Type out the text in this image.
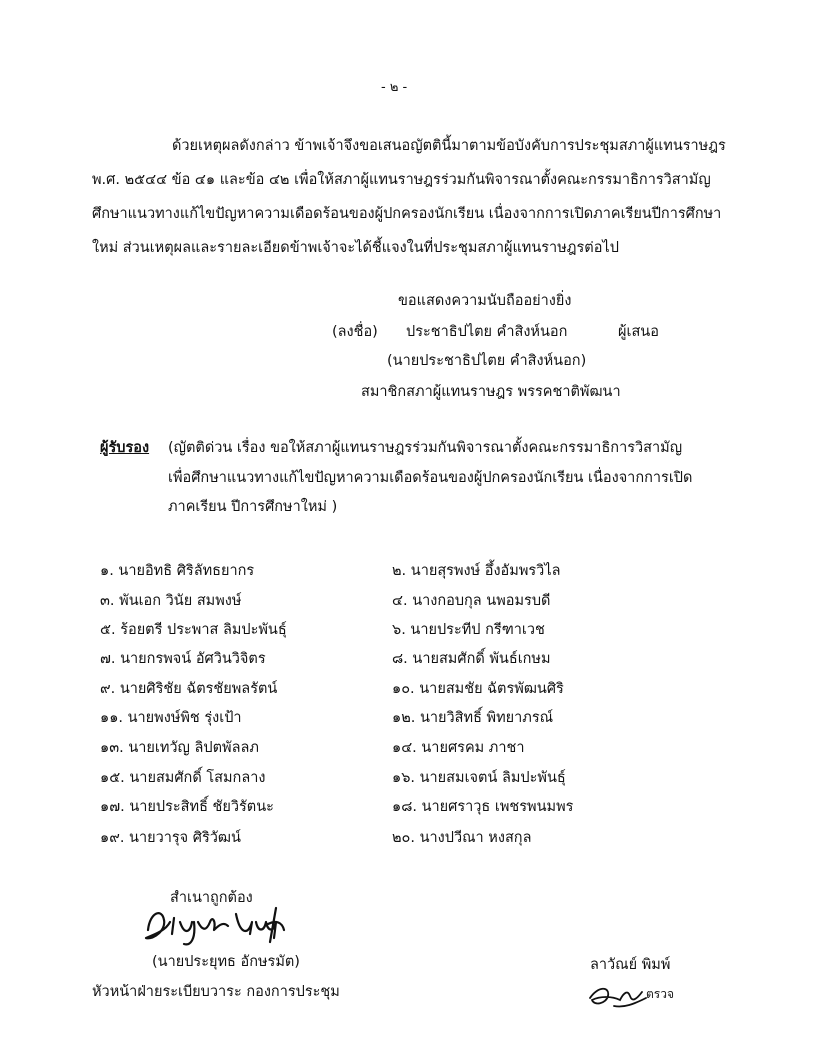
- ๒ -
ด้วยเหตุผลดังกล่าว ข้าพเจ้าจึงขอเสนอญัตตินี้มาตามข้อบังคับการประชุมสภาผู้แทนราษฎร
พ.ศ. ๒๕๔๔ ข้อ ๔๑ และข้อ ๔๒ เพื่อให้สภาผู้แทนราษฎรร่วมกันพิจารณาตั้งคณะกรรมาธิการวิสามัญ
ศึกษาแนวทางแก้ไขปัญหาความเดือดร้อนของผู้ปกครองนักเรียน เนื่องจากการเปิดภาคเรียนปีการศึกษา
ใหม่ ส่วนเหตุผลและรายละเอียดข้าพเจ้าจะได้ชี้แจงในที่ประชุมสภาผู้แทนราษฎรต่อไป
ขอแสดงความนับถืออย่างยิ่ง
(ลงชื่อ) ประชาธิปไตย คำสิงห์นอก	ผู้เสนอ
(นายประชาธิปไตย คำสิงห์นอก)
สมาชิกสภาผู้แทนราษฎร พรรคชาติพัฒนา
ผู้รับรอง (ญัตติด่วน เรื่อง ขอให้สภาผู้แทนราษฎรร่วมกันพิจารณาตั้งคณะกรรมาธิการวิสามัญ
เพื่อศึกษาแนวทางแก้ไขปัญหาความเดือดร้อนของผู้ปกครองนักเรียน เนื่องจากการเปิด
ภาคเรียน ปีการศึกษาใหม่ )
๑. นายอิทธิ ศิริลัทธยากร	๒. นายสุรพงษ์ อึ้งอัมพรวิไล
๓. พันเอก วินัย สมพงษ์	๔. นางกอบกุล นพอมรบดี
๕. ร้อยตรี ประพาส ลิมปะพันธุ์	๖. นายประทีป กรีฑาเวช
๗. นายกรพจน์ อัศวินวิจิตร	๘. นายสมศักดิ์ พันธ์เกษม
๙. นายศิริชัย ฉัตรชัยพลรัตน์	๑๐. นายสมชัย ฉัตรพัฒนศิริ
๑๑. นายพงษ์พิช รุ่งเป้า	๑๒. นายวิสิทธิ์ พิทยาภรณ์
๑๓. นายเทวัญ ลิปตพัลลภ	๑๔. นายศรคม ภาชา
๑๕. นายสมศักดิ์ โสมกลาง	๑๖. นายสมเจตน์ ลิมปะพันธุ์
๑๗. นายประสิทธิ์ ชัยวิรัตนะ	๑๘. นายศราวุธ เพชรพนมพร
๑๙. นายวารุจ ศิริวัฒน์	๒๐. นางปวีณา หงสกุล
สำเนาถูกต้อง
(นายประยุทธ อักษรมัต)
หัวหน้าฝ่ายระเบียบวาระ กองการประชุม
ลาวัณย์ พิมพ์
ตรวจ
